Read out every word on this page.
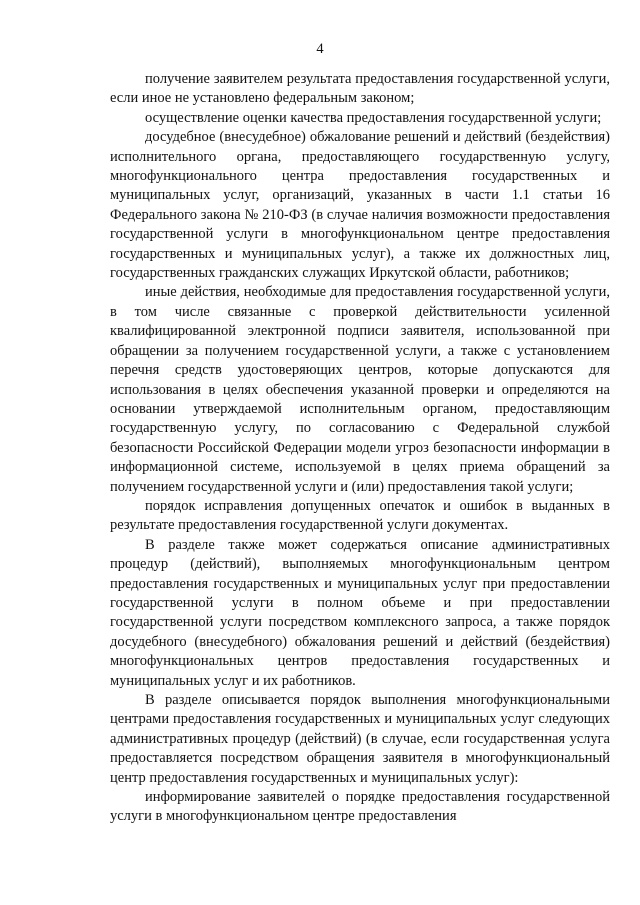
4

получение заявителем результата предоставления государственной услуги, если иное не установлено федеральным законом;

осуществление оценки качества предоставления государственной услуги;

досудебное (внесудебное) обжалование решений и действий (бездействия) исполнительного органа, предоставляющего государственную услугу, многофункционального центра предоставления государственных и муниципальных услуг, организаций, указанных в части 1.1 статьи 16 Федерального закона № 210-ФЗ (в случае наличия возможности предоставления государственной услуги в многофункциональном центре предоставления государственных и муниципальных услуг), а также их должностных лиц, государственных гражданских служащих Иркутской области, работников;

иные действия, необходимые для предоставления государственной услуги, в том числе связанные с проверкой действительности усиленной квалифицированной электронной подписи заявителя, использованной при обращении за получением государственной услуги, а также с установлением перечня средств удостоверяющих центров, которые допускаются для использования в целях обеспечения указанной проверки и определяются на основании утверждаемой исполнительным органом, предоставляющим государственную услугу, по согласованию с Федеральной службой безопасности Российской Федерации модели угроз безопасности информации в информационной системе, используемой в целях приема обращений за получением государственной услуги и (или) предоставления такой услуги;

порядок исправления допущенных опечаток и ошибок в выданных в результате предоставления государственной услуги документах.

В разделе также может содержаться описание административных процедур (действий), выполняемых многофункциональным центром предоставления государственных и муниципальных услуг при предоставлении государственной услуги в полном объеме и при предоставлении государственной услуги посредством комплексного запроса, а также порядок досудебного (внесудебного) обжалования решений и действий (бездействия) многофункциональных центров предоставления государственных и муниципальных услуг и их работников.

В разделе описывается порядок выполнения многофункциональными центрами предоставления государственных и муниципальных услуг следующих административных процедур (действий) (в случае, если государственная услуга предоставляется посредством обращения заявителя в многофункциональный центр предоставления государственных и муниципальных услуг):

информирование заявителей о порядке предоставления государственной услуги в многофункциональном центре предоставления
